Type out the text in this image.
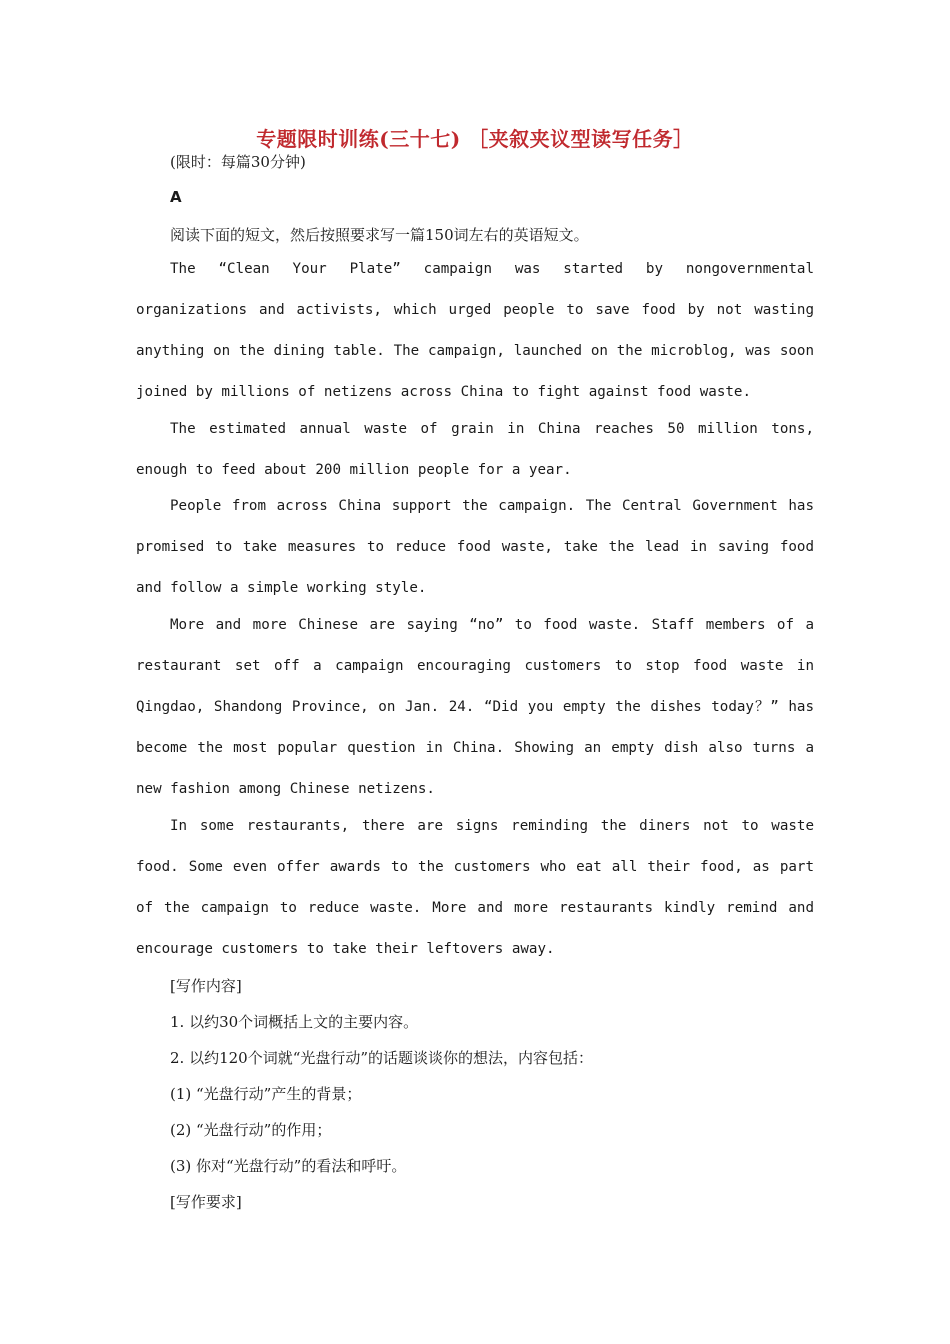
专题限时训练(三十七) ［夹叙夹议型读写任务］
(限时：每篇30分钟)
A
阅读下面的短文，然后按照要求写一篇150词左右的英语短文。

The “Clean Your Plate” campaign was started by nongovernmental organizations and activists, which urged people to save food by not wasting anything on the dining table. The campaign, launched on the microblog, was soon joined by millions of netizens across China to fight against food waste.

The estimated annual waste of grain in China reaches 50 million tons, enough to feed about 200 million people for a year.

People from across China support the campaign. The Central Government has promised to take measures to reduce food waste, take the lead in saving food and follow a simple working style.

More and more Chinese are saying “no” to food waste. Staff members of a restaurant set off a campaign encouraging customers to stop food waste in Qingdao, Shandong Province, on Jan. 24. “Did you empty the dishes today？” has become the most popular question in China. Showing an empty dish also turns a new fashion among Chinese netizens.

In some restaurants, there are signs reminding the diners not to waste food. Some even offer awards to the customers who eat all their food, as part of the campaign to reduce waste. More and more restaurants kindly remind and encourage customers to take their leftovers away.

[写作内容]
1. 以约30个词概括上文的主要内容。
2. 以约120个词就“光盘行动”的话题谈谈你的想法，内容包括：
(1) “光盘行动”产生的背景；
(2) “光盘行动”的作用；
(3) 你对“光盘行动”的看法和呼吁。
[写作要求]
